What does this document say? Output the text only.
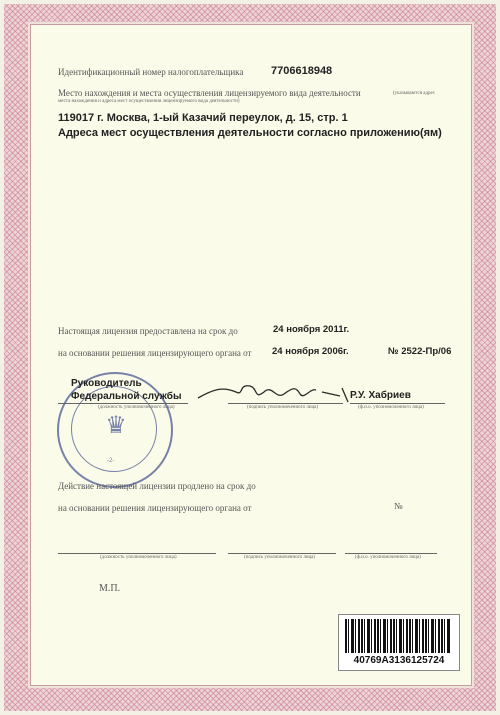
Идентификационный номер налогоплательщика	7706618948
Место нахождения и места осуществления лицензируемого вида деятельности	(указываются адрес
места нахождения и адреса мест осуществления лицензируемого вида деятельности)
119017 г. Москва, 1-ый Казачий переулок, д. 15, стр. 1
Адреса мест осуществления деятельности согласно приложению(ям)
Настоящая лицензия предоставлена на срок до	24 ноября 2011г.
на основании решения лицензирующего органа от 24 ноября 2006г.	№ 2522-Пр/06
♛
-2-
Руководитель
Федеральной службы
(должность уполномоченного лица)	(подпись уполномоченного лица)
Р.У. Хабриев
(ф.и.о. уполномоченного лица)
Действие настоящей лицензии продлено на срок до
на основании решения лицензирующего органа от	№
(должность уполномоченного лица)	(подпись уполномоченного лица)	(ф.и.о. уполномоченного лица)
М.П.
40769A3136125724
